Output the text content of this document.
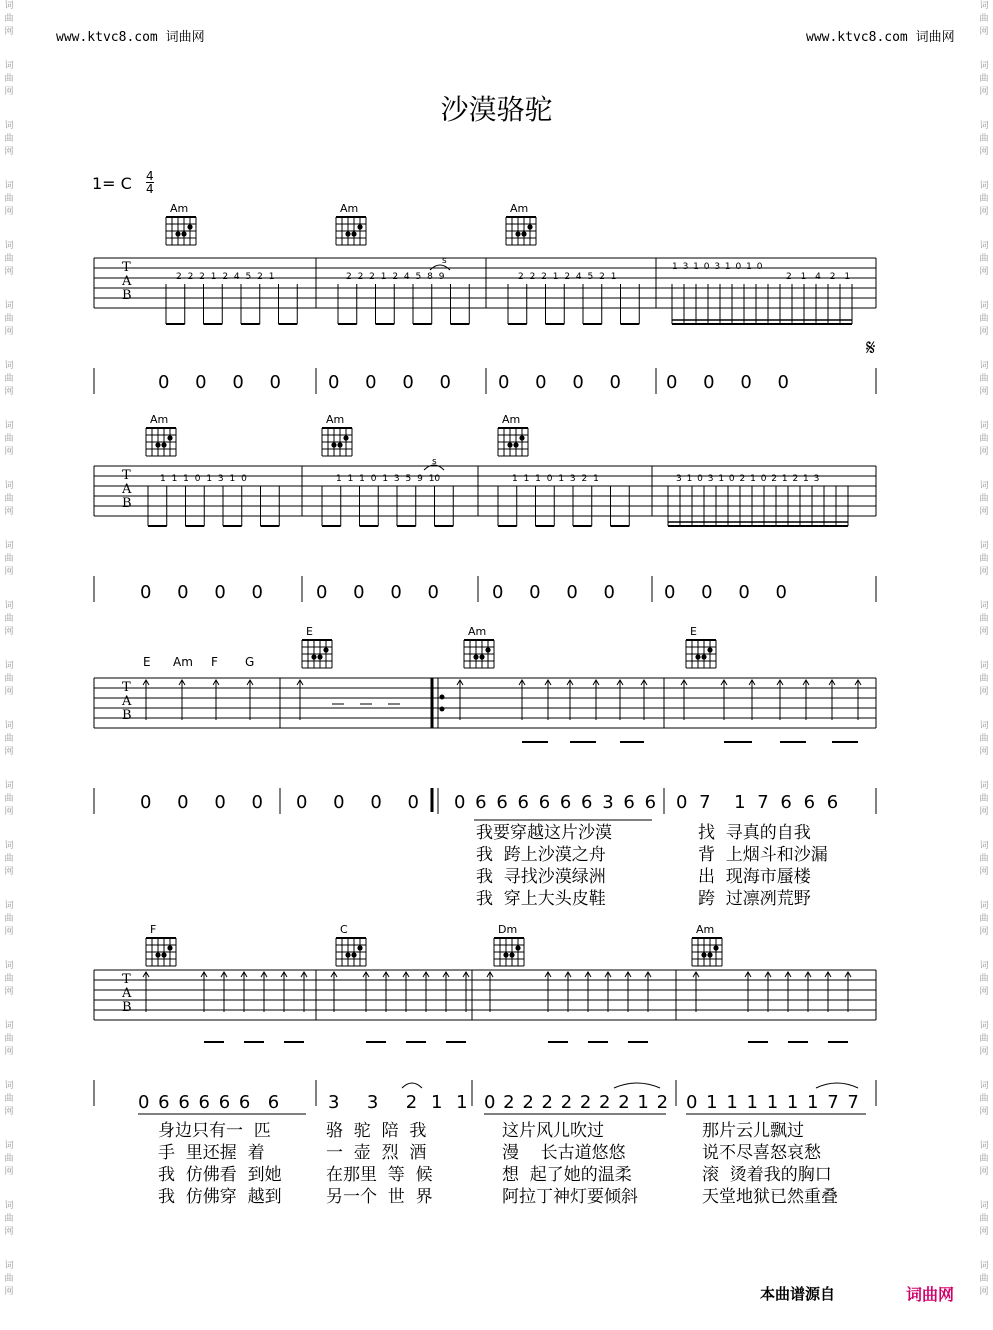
词曲网
词曲网
词曲网
词曲网
词曲网
词曲网
词曲网
词曲网
词曲网
词曲网
词曲网
词曲网
词曲网
词曲网
词曲网
词曲网
词曲网
词曲网
词曲网
词曲网
词曲网
词曲网
词曲网
词曲网
词曲网
词曲网
词曲网
词曲网
词曲网
词曲网
词曲网
词曲网
词曲网
词曲网
词曲网
词曲网
词曲网
词曲网
词曲网
词曲网
词曲网
词曲网
词曲网
词曲网
www.ktvc8.com 词曲网	www.ktvc8.com 词曲网
沙漠骆驼
1= C 4
4
Am	Am	Am
Am	Am	Am
E	Am	E
F	C	Dm	Am
E Am F G
T
A
B
T
A
B
T
A
B
T
A
B
2 2 2 1 2 4 5 2 1	2 2 2 1 2 4 5 8 9	2 2 2 1 2 4 5 2 1
1 3 1 0 3 1 0 1 0
2 1 4 2 1
s
1 1 1 0 1 3 1 0	1 1 1 0 1 3 5 9 10	1 1 1 0 1 3 2 1	3 1 0 3 1 0 2 1 0 2 1 2 1 3
s
𝄋
0 0 0 0	0 0 0 0	0 0 0 0	0 0 0 0
0 0 0 0	0 0 0 0	0 0 0 0	0 0 0 0
0 0 0 0 0 0 0 0 0 6 6 6 6 6 6 3 6 6 0 7  1 7 6 6 6
0 6 6 6 6 6  6	3  3  2 1 1 0 2 2 2 2 2 2 2 1 2 0 1 1 1 1 1 1 7 7
我要穿越这片沙漠	找  寻真的自我
我  跨上沙漠之舟	背  上烟斗和沙漏
我  寻找沙漠绿洲	出  现海市蜃楼
我  穿上大头皮鞋	跨  过凛冽荒野
身边只有一  匹	骆  驼  陪  我	这片风儿吹过	那片云儿飘过
手  里还握  着	一  壶  烈  酒	漫    长古道悠悠	说不尽喜怒哀愁
我  仿佛看  到她	在那里  等  候	想  起了她的温柔	滚  烫着我的胸口
我  仿佛穿  越到	另一个  世  界	阿拉丁神灯要倾斜	天堂地狱已然重叠
本曲谱源自	词曲网
